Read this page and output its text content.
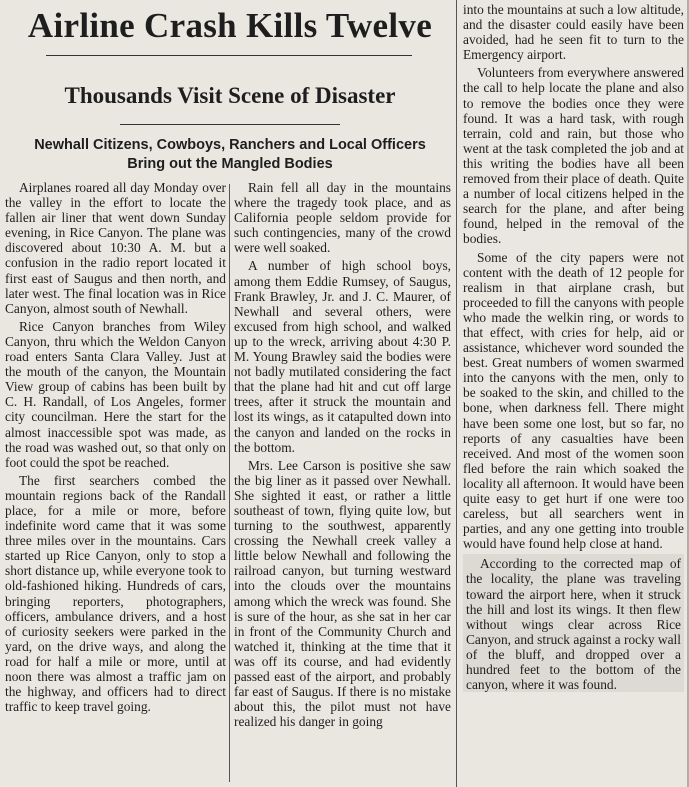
Airline Crash Kills Twelve
Thousands Visit Scene of Disaster
Newhall Citizens, Cowboys, Ranchers and Local Officers
Bring out the Mangled Bodies

Airplanes roared all day Monday over the valley in the effort to locate the fallen air liner that went down Sunday evening, in Rice Canyon. The plane was discovered about 10:30 A. M. but a confusion in the radio report located it first east of Saugus and then north, and later west. The final location was in Rice Canyon, almost south of Newhall.

Rice Canyon branches from Wiley Canyon, thru which the Weldon Canyon road enters Santa Clara Valley. Just at the mouth of the canyon, the Mountain View group of cabins has been built by C. H. Randall, of Los Angeles, former city councilman. Here the start for the almost inaccessible spot was made, as the road was washed out, so that only on foot could the spot be reached.

The first searchers combed the mountain regions back of the Randall place, for a mile or more, before indefinite word came that it was some three miles over in the mountains. Cars started up Rice Canyon, only to stop a short distance up, while everyone took to old-fashioned hiking. Hundreds of cars, bringing reporters, photographers, officers, ambulance drivers, and a host of curiosity seekers were parked in the yard, on the drive ways, and along the road for half a mile or more, until at noon there was almost a traffic jam on the highway, and officers had to direct traffic to keep travel going.

Rain fell all day in the mountains where the tragedy took place, and as California people seldom provide for such contingencies, many of the crowd were well soaked.

A number of high school boys, among them Eddie Rumsey, of Saugus, Frank Brawley, Jr. and J. C. Maurer, of Newhall and several others, were excused from high school, and walked up to the wreck, arriving about 4:30 P. M. Young Brawley said the bodies were not badly mutilated considering the fact that the plane had hit and cut off large trees, after it struck the mountain and lost its wings, as it catapulted down into the canyon and landed on the rocks in the bottom.

Mrs. Lee Carson is positive she saw the big liner as it passed over Newhall. She sighted it east, or rather a little southeast of town, flying quite low, but turning to the southwest, apparently crossing the Newhall creek valley a little below Newhall and following the railroad canyon, but turning westward into the clouds over the mountains among which the wreck was found. She is sure of the hour, as she sat in her car in front of the Community Church and watched it, thinking at the time that it was off its course, and had evidently passed east of the airport, and probably far east of Saugus. If there is no mistake about this, the pilot must not have realized his danger in going

into the mountains at such a low altitude, and the disaster could easily have been avoided, had he seen fit to turn to the Emergency airport.

Volunteers from everywhere answered the call to help locate the plane and also to remove the bodies once they were found. It was a hard task, with rough terrain, cold and rain, but those who went at the task completed the job and at this writing the bodies have all been removed from their place of death. Quite a number of local citizens helped in the search for the plane, and after being found, helped in the removal of the bodies.

Some of the city papers were not content with the death of 12 people for realism in that airplane crash, but proceeded to fill the canyons with people who made the welkin ring, or words to that effect, with cries for help, aid or assistance, whichever word sounded the best. Great numbers of women swarmed into the canyons with the men, only to be soaked to the skin, and chilled to the bone, when darkness fell. There might have been some one lost, but so far, no reports of any casualties have been received. And most of the women soon fled before the rain which soaked the locality all afternoon. It would have been quite easy to get hurt if one were too careless, but all searchers went in parties, and any one getting into trouble would have found help close at hand.

According to the corrected map of the locality, the plane was traveling toward the airport here, when it struck the hill and lost its wings. It then flew without wings clear across Rice Canyon, and struck against a rocky wall of the bluff, and dropped over a hundred feet to the bottom of the canyon, where it was found.
